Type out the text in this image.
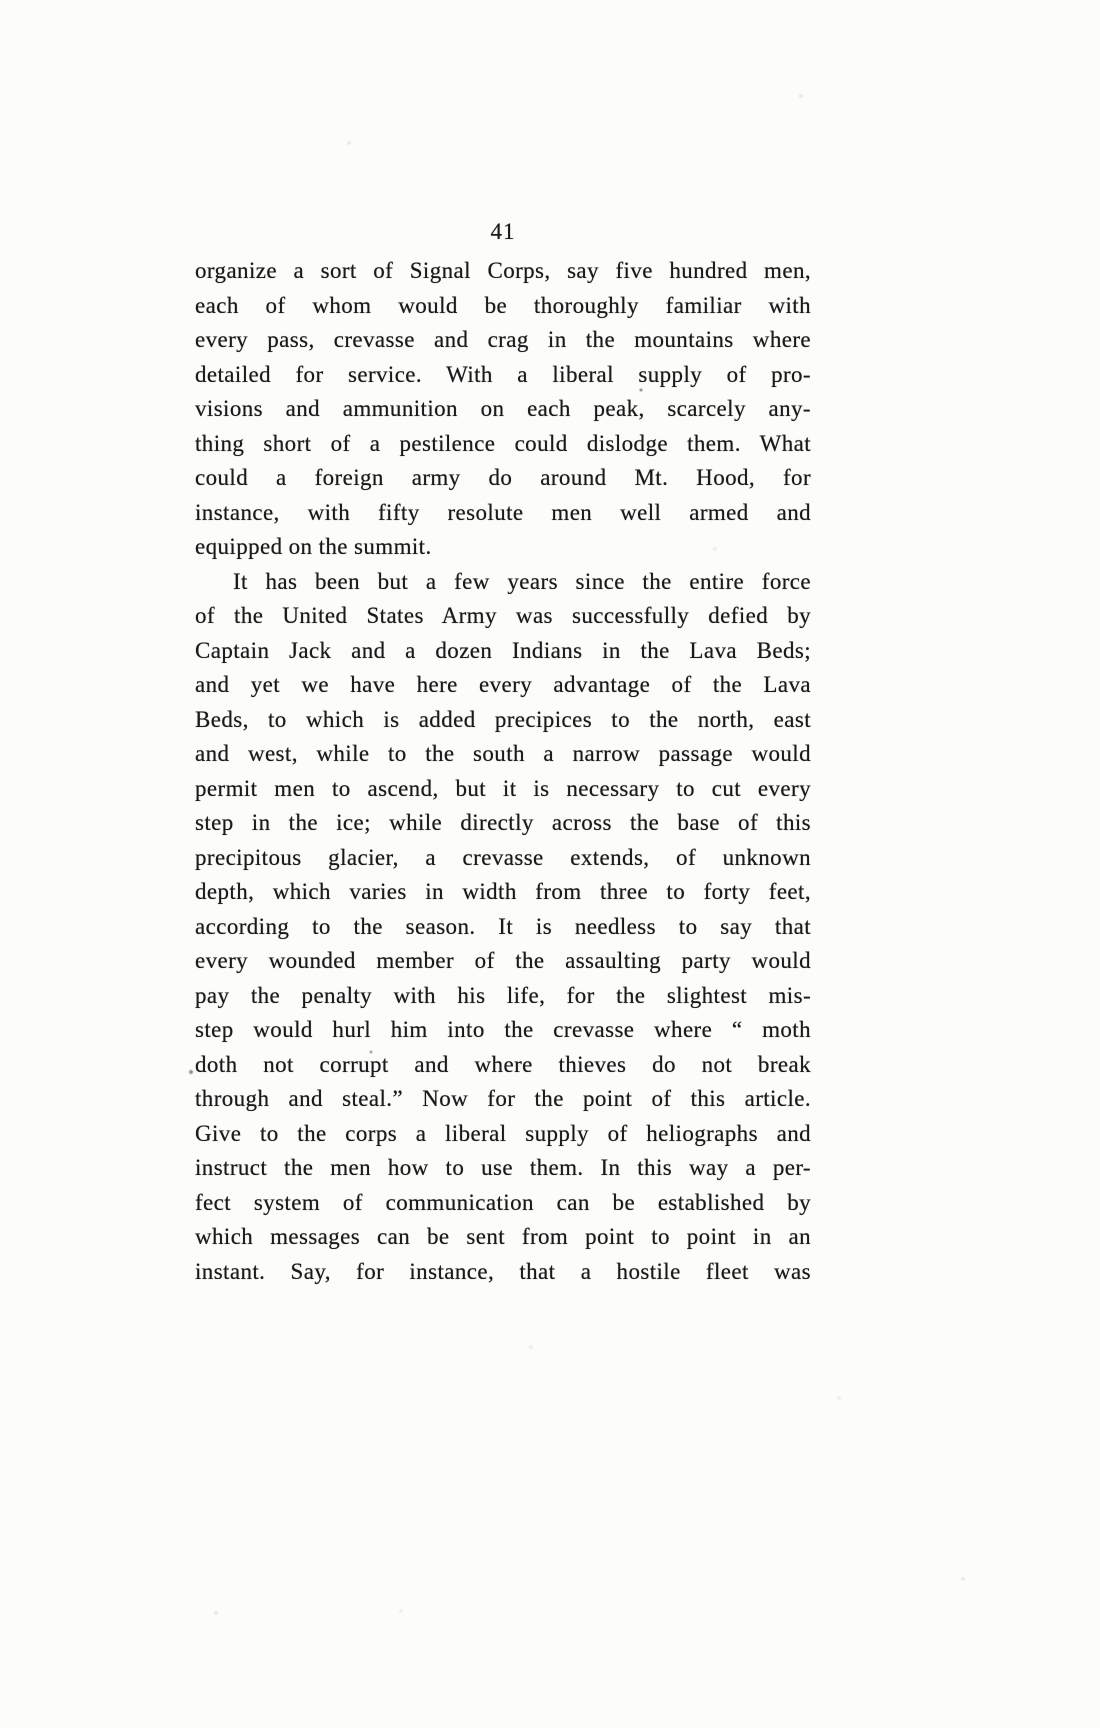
41
organize a sort of Signal Corps, say five hundred men,
each of whom would be thoroughly familiar with
every pass, crevasse and crag in the mountains where
detailed for service. With a liberal supply of pro-
visions and ammunition on each peak, scarcely any-
thing short of a pestilence could dislodge them. What
could a foreign army do around Mt. Hood, for
instance, with fifty resolute men well armed and
equipped on the summit.
It has been but a few years since the entire force
of the United States Army was successfully defied by
Captain Jack and a dozen Indians in the Lava Beds;
and yet we have here every advantage of the Lava
Beds, to which is added precipices to the north, east
and west, while to the south a narrow passage would
permit men to ascend, but it is necessary to cut every
step in the ice; while directly across the base of this
precipitous glacier, a crevasse extends, of unknown
depth, which varies in width from three to forty feet,
according to the season. It is needless to say that
every wounded member of the assaulting party would
pay the penalty with his life, for the slightest mis-
step would hurl him into the crevasse where “ moth
doth not corrupt and where thieves do not break
through and steal.” Now for the point of this article.
Give to the corps a liberal supply of heliographs and
instruct the men how to use them. In this way a per-
fect system of communication can be established by
which messages can be sent from point to point in an
instant. Say, for instance, that a hostile fleet was
